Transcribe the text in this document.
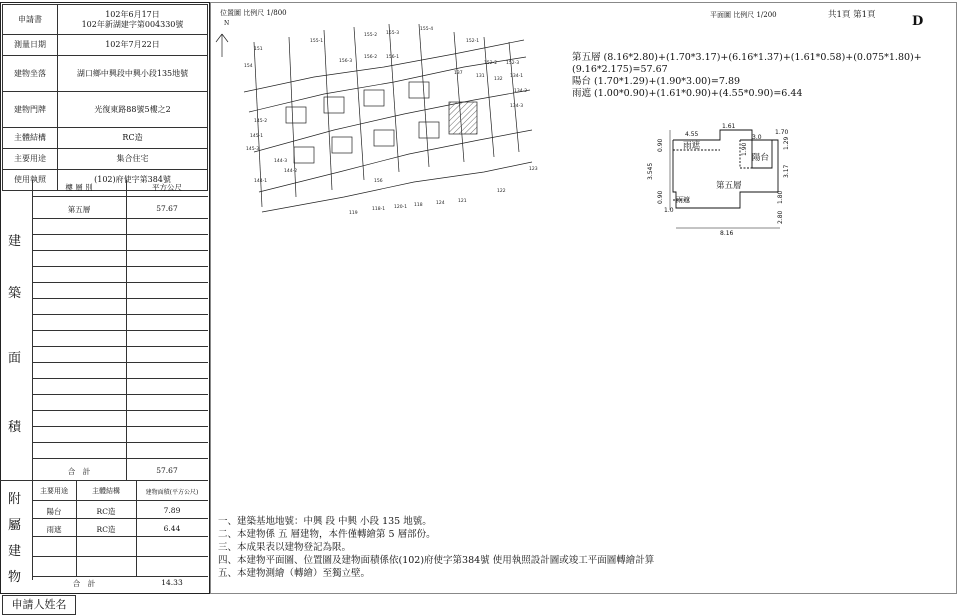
申請書	102年6月17日
102年新湖建字第004330號

測量日期	102年7月22日
建物坐落	湖口鄉中興段中興小段135地號
建物門牌	光復東路88號5樓之2
主體結構	RC造
主要用途	集合住宅
使用執照	(102)府使字第384號
樓 層 別	平方公尺
第五層	57.67
建
築
面
積
合　計	57.67
附
屬
建
物
主要用途	主體結構	建物面積(平方公尺)
陽台	RC造	7.89
雨遮	RC造	6.44
合　計	14.33
申請人姓名
位置圖 比例尺 1/800
N
151
155-1
155-2 155-3
155-4
152-1
152-2 152-3
156-3
156-2 156-1
137
131
132
134-3
134-2
134-1
145-2
145-3
145-1
144-1
144-2
144-3
156
122
123
119
118-1 120-1 118	124	121
154
平面圖 比例尺 1/200	共1頁 第1頁	D
第五層 (8.16*2.80)+(1.70*3.17)+(6.16*1.37)+(1.61*0.58)+(0.075*1.80)+(9.16*2.175)=57.67
陽台 (1.70*1.29)+(1.90*3.00)=7.89
雨遮 (1.00*0.90)+(1.61*0.90)+(4.55*0.90)=6.44
4.55
1.61
3.0
1.70
3.545
0.90	1.90	1.29
3.17
1.80
2.80
0.90
1.0
8.16
雨遮
陽台
第五層
雨遮
一、建築基地地號：中興 段 中興 小段 135 地號。
二、本建物係 五 層建物，本件僅轉繪第 5 層部份。
三、本成果表以建物登記為限。
四、本建物平面圖、位置圖及建物面積係依(102)府使字第384號 使用執照設計圖或竣工平面圖轉繪計算
五、本建物測繪（轉繪）至獨立壁。
